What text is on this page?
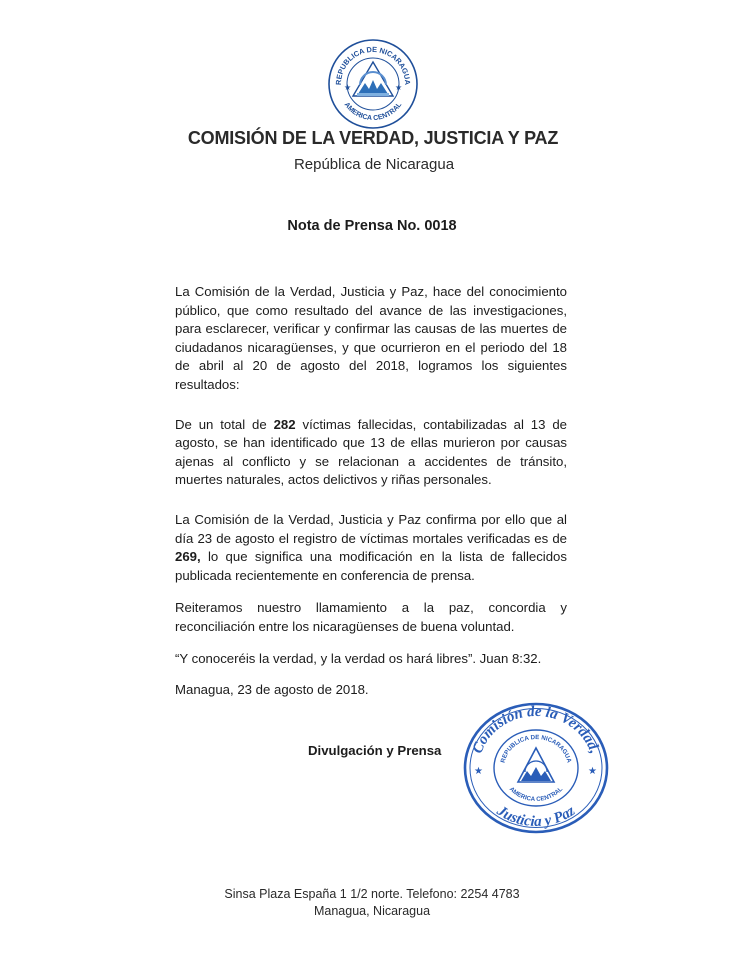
REPUBLICA DE NICARAGUA
AMERICA CENTRAL
★	★
COMISIÓN DE LA VERDAD, JUSTICIA Y PAZ
República de Nicaragua
Nota de Prensa No. 0018

La Comisión de la Verdad, Justicia y Paz, hace del conocimiento público, que como resultado del avance de las investigaciones, para esclarecer, verificar y confirmar las causas de las muertes de ciudadanos nicaragüenses, y que ocurrieron en el periodo del 18 de abril al 20 de agosto del 2018, logramos los siguientes resultados:

De un total de 282 víctimas fallecidas, contabilizadas al 13 de agosto, se han identificado que 13 de ellas murieron por causas ajenas al conflicto y se relacionan a accidentes de tránsito, muertes naturales, actos delictivos y riñas personales.

La Comisión de la Verdad, Justicia y Paz confirma por ello que al día 23 de agosto el registro de víctimas mortales verificadas es de 269, lo que significa una modificación en la lista de fallecidos publicada recientemente en conferencia de prensa.

Reiteramos nuestro llamamiento a la paz, concordia y reconciliación entre los nicaragüenses de buena voluntad.

“Y conoceréis la verdad, y la verdad os hará libres”. Juan 8:32.

Managua, 23 de agosto de 2018.

Divulgación y Prensa Comisión de la Verdad,
Justicia y Paz
REPUBLICA DE NICARAGUA
AMERICA CENTRAL
★	★
Sinsa Plaza España 1 1/2 norte. Telefono: 2254 4783
Managua, Nicaragua
